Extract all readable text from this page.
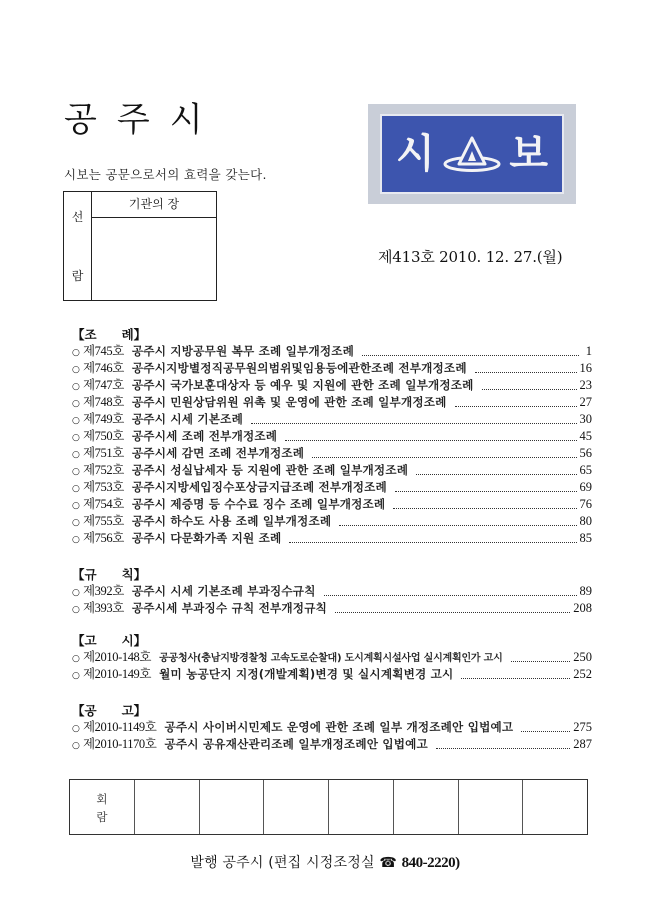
공주시
시보는 공문으로서의 효력을 갖는다.
선
람
기관의 장
시 보
제413호 2010. 12. 27.(월)
【조　　례】
○ 제745호 공주시 지방공무원 복무 조례 일부개정조례	1
○ 제746호 공주시지방별정직공무원의범위및임용등에관한조례 전부개정조례	16
○ 제747호 공주시 국가보훈대상자 등 예우 및 지원에 관한 조례 일부개정조례	23
○ 제748호 공주시 민원상담위원 위촉 및 운영에 관한 조례 일부개정조례	27
○ 제749호 공주시 시세 기본조례	30
○ 제750호 공주시세 조례 전부개정조례	45
○ 제751호 공주시세 감면 조례 전부개정조례	56
○ 제752호 공주시 성실납세자 등 지원에 관한 조례 일부개정조례	65
○ 제753호 공주시지방세입징수포상금지급조례 전부개정조례	69
○ 제754호 공주시 제증명 등 수수료 징수 조례 일부개정조례	76
○ 제755호 공주시 하수도 사용 조례 일부개정조례	80
○ 제756호 공주시 다문화가족 지원 조례	85
【규　　칙】
○ 제392호 공주시 시세 기본조례 부과징수규칙	89
○ 제393호 공주시세 부과징수 규칙 전부개정규칙	208
【고　　시】
○ 제2010-148호 공공청사(충남지방경찰청 고속도로순찰대) 도시계획시설사업 실시계획인가 고시	250
○ 제2010-149호 월미 농공단지 지정(개발계획)변경 및 실시계획변경 고시	252
【공　　고】
○ 제2010-1149호 공주시 사이버시민제도 운영에 관한 조례 일부 개정조례안 입법예고	275
○ 제2010-1170호 공주시 공유재산관리조례 일부개정조례안 입법예고	287
회
람
발행 공주시 (편집 시정조정실 ☎ 840-2220)
